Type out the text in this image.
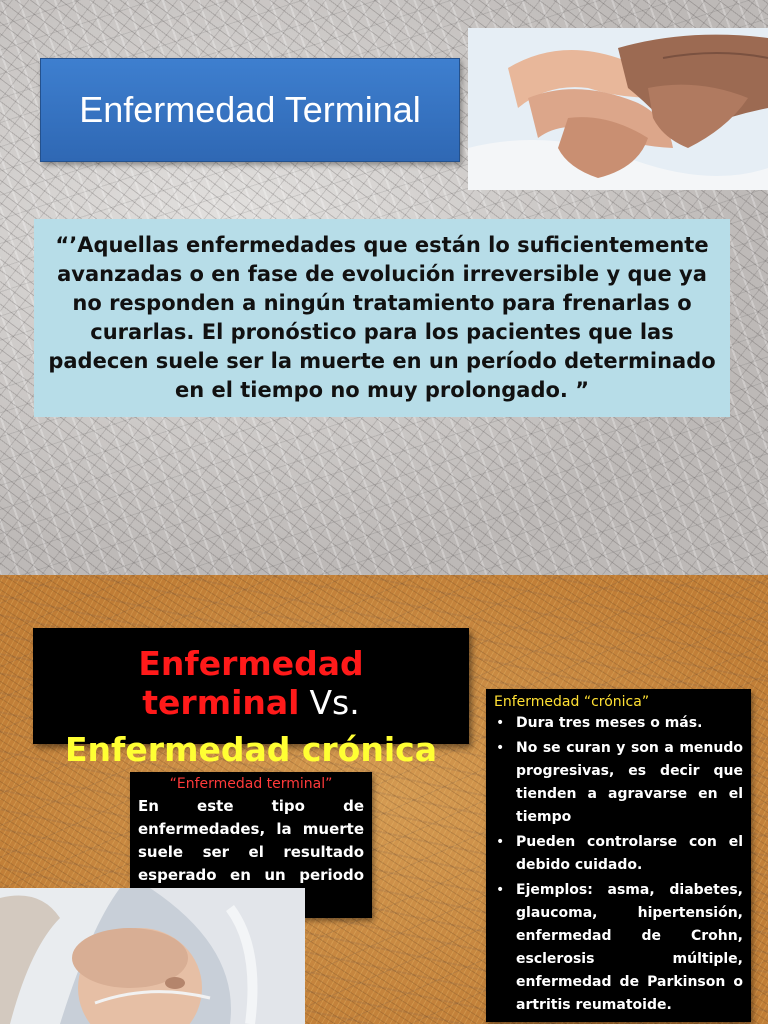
Enfermedad Terminal

“’Aquellas enfermedades que están lo suficientemente avanzadas o en fase de evolución irreversible y que ya no responden a ningún tratamiento para frenarlas o curarlas. El pronóstico para los pacientes que las padecen suele ser la muerte en un período determinado en el tiempo no muy prolongado. ”

Enfermedad terminal Vs.
Enfermedad crónica
“Enfermedad terminal”

En este tipo de enfermedades, la muerte suele ser el resultado esperado en un periodo

Enfermedad “crónica”
• Dura tres meses o más.
• No se curan y son a menudo progresivas, es decir que tienden a agravarse en el tiempo
• Pueden controlarse con el debido cuidado.
• Ejemplos: asma, diabetes, glaucoma, hipertensión, enfermedad de Crohn, esclerosis múltiple, enfermedad de Parkinson o artritis reumatoide.
